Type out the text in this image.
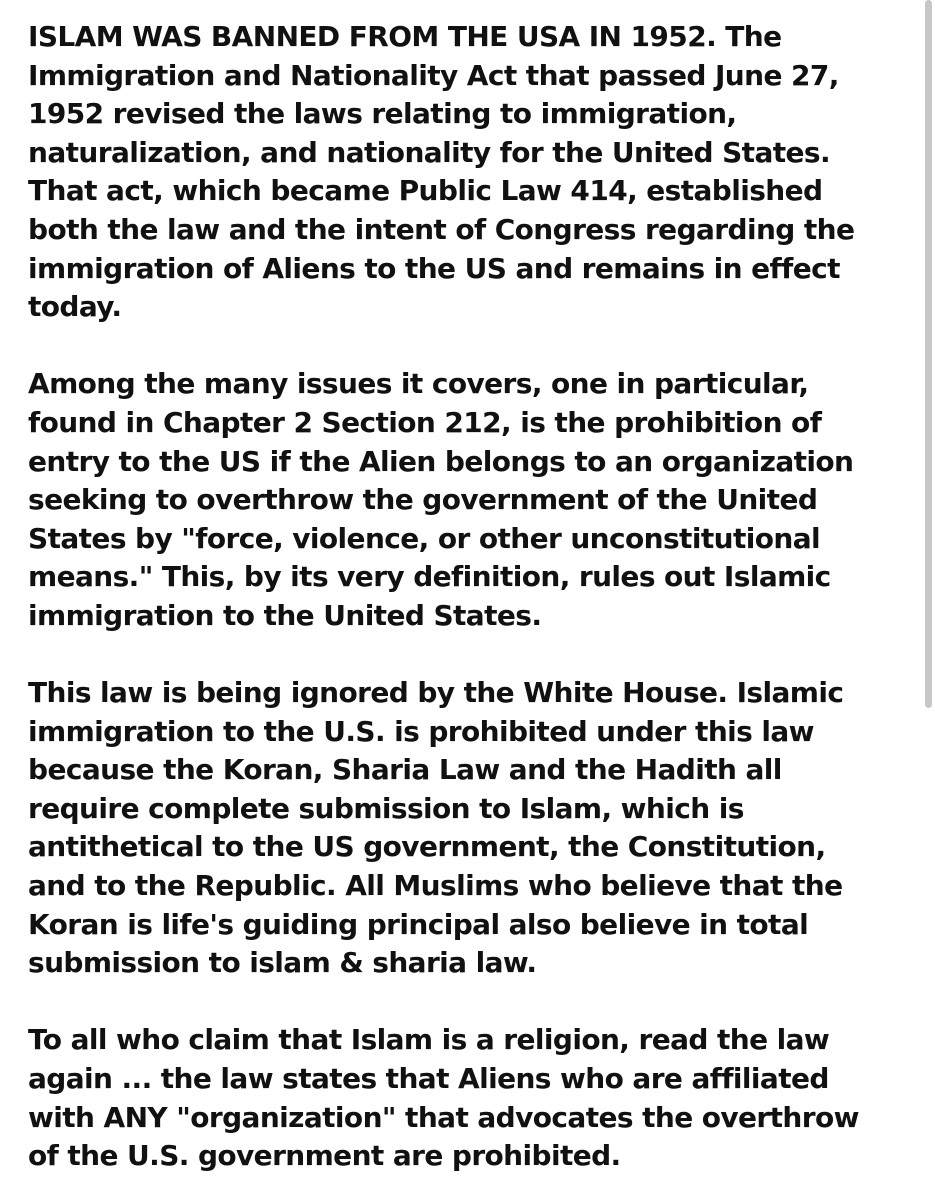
ISLAM WAS BANNED FROM THE USA IN 1952. The
Immigration and Nationality Act that passed June 27,
1952 revised the laws relating to immigration,
naturalization, and nationality for the United States.
That act, which became Public Law 414, established
both the law and the intent of Congress regarding the
immigration of Aliens to the US and remains in effect
today.

Among the many issues it covers, one in particular,
found in Chapter 2 Section 212, is the prohibition of
entry to the US if the Alien belongs to an organization
seeking to overthrow the government of the United
States by "force, violence, or other unconstitutional
means." This, by its very definition, rules out Islamic
immigration to the United States.

This law is being ignored by the White House. Islamic
immigration to the U.S. is prohibited under this law
because the Koran, Sharia Law and the Hadith all
require complete submission to Islam, which is
antithetical to the US government, the Constitution,
and to the Republic. All Muslims who believe that the
Koran is life's guiding principal also believe in total
submission to islam & sharia law.

To all who claim that Islam is a religion, read the law
again ... the law states that Aliens who are affiliated
with ANY "organization" that advocates the overthrow
of the U.S. government are prohibited.
